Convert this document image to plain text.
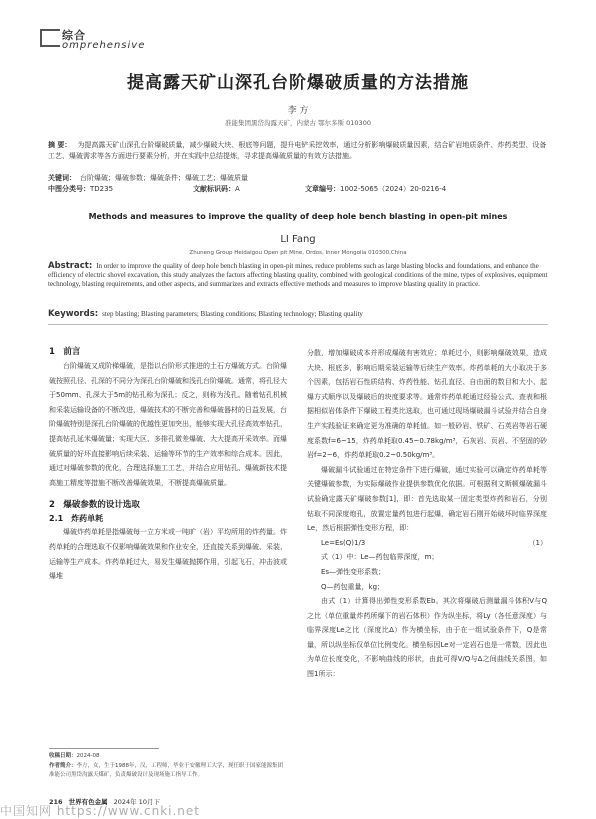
综合
omprehensive
提高露天矿山深孔台阶爆破质量的方法措施
李 方
准能集团黑岱沟露天矿，内蒙古 鄂尔多斯 010300
摘 要： 为提高露天矿山深孔台阶爆破质量，减少爆破大块、根底等问题，提升电铲采挖效率，通过分析影响爆破质量因素，结合矿岩地质条件、炸药类型、设备工艺、爆破需求等各方面进行要素分析，并在实践中总结提炼，寻求提高爆破质量的有效方法措施。
关键词： 台阶爆破；爆破参数；爆破条件；爆破工艺；爆破质量
中图分类号：TD235	文献标识码：A	文章编号：1002-5065（2024）20-0216-4
Methods and measures to improve the quality of deep hole bench blasting in open-pit mines
LI Fang
Zhuneng Group Heidaigou Open pit Mine, Ordos, Inner Mongolia 010300,China
Abstract: In order to improve the quality of deep hole bench blasting in open-pit mines, reduce problems such as large blasting blocks and foundations, and enhance the efficiency of electric shovel excavation, this study analyzes the factors affecting blasting quality, combined with geological conditions of the mine, types of explosives, equipment technology, blasting requirements, and other aspects, and summarizes and extracts effective methods and measures to improve blasting quality in practice.
Keywords: step blasting; Blasting parameters; Blasting conditions; Blasting technology; Blasting quality
1　前言

台阶爆破又成阶梯爆破，是指以台阶形式推进的土石方爆破方式。台阶爆破按照孔径、孔深的不同分为深孔台阶爆破和浅孔台阶爆破。通常，将孔径大于50mm、孔深大于5m的钻孔称为深孔；反之，则称为浅孔。随着钻孔机械和采装运输设备的不断改进，爆破技术的不断完善和爆破器材的日益发展，台阶爆破特别是深孔台阶爆破的优越性更加突出，能够实现大孔径高效率钻孔，提高钻孔延米爆破量；实现大区、多排孔微差爆破、大大提高开采效率。而爆破质量的好坏直接影响后续采装、运输等环节的生产效率和综合成本。因此，通过对爆破参数的优化，合理选择施工工艺，并结合应用钻孔、爆破新技术提高施工精度等措施不断改善爆破效果，不断提高爆破质量。

2　爆破参数的设计选取
2.1　炸药单耗

爆破炸药单耗是指爆破每一立方米或一吨旷（岩）平均所用的炸药量。炸药单耗的合理选取不仅影响爆破效果和作业安全，还直接关系到爆破、采装、运输等生产成本。炸药单耗过大，易发生爆破抛掷作用，引起飞石，冲击波或爆堆

分散，增加爆破成本并形成爆破有害效应；单耗过小，则影响爆破效果，造成大块、根底多，影响后期采装运输等后续生产效率。炸药单耗的大小取决于多个因素，包括岩石性质结构、炸药性能、钻孔直径、自由面的数目和大小、起爆方式顺序以及爆破后的块度要求等。通常炸药单耗通过经验公式、查表和根据相似岩体条件下爆破工程类比选取，也可通过现场爆破漏斗试验并结合自身生产实践验证来确定更为准确的单耗值。如一般砂岩、铁矿、石英岩等岩石硬度系数f=6~15，炸药单耗取0.45~0.78kg/m³，石灰岩、页岩、不坚固的砂岩f=2~6，炸药单耗取0.2~0.50kg/m³。

爆破漏斗试验通过在特定条件下进行爆破，通过实验可以确定炸药单耗等关键爆破参数，为实际爆破作业提供参数优化依据。可根据利文斯顿爆破漏斗试验确定露天矿爆破参数[1]，即：首先选取某一固定类型炸药和岩石，分别钻取不同深度炮孔，放置定量药包进行起爆，确定岩石刚开始破坏时临界深度Le，然后根据弹性变形方程，即：

Le=Es(Q)1/3	（1）
式（1）中：Le—药包临界深度，m；
Es—弹性变形系数；
Q—药包重量，kg；

由式（1）计算得出弹性变形系数Eb。其次将爆破后测量漏斗体积V与Q之比（单位重量炸药所爆下的岩石体积）作为纵坐标，将Ly（各任意深度）与临界深度Le之比（深度比Δ）作为横坐标，由于在一组试验条件下，Q是常量，所以纵坐标仅单位比例变化。横坐标因Le对一定岩石也是一常数，因此也为单位长度变化，不影响曲线的形状，由此可得V/Q与Δ之间曲线关系图，如图1所示：

收稿日期：2024-08
作者简介：李方，女，生于1988年，汉，工程师，毕业于安徽理工大学，现任职于国家能源集团准能公司黑岱沟露天煤矿，负责爆破设计及现场施工指导工作。
216 世界有色金属 2024年 10月下
中国知网 https://www.cnki.net
